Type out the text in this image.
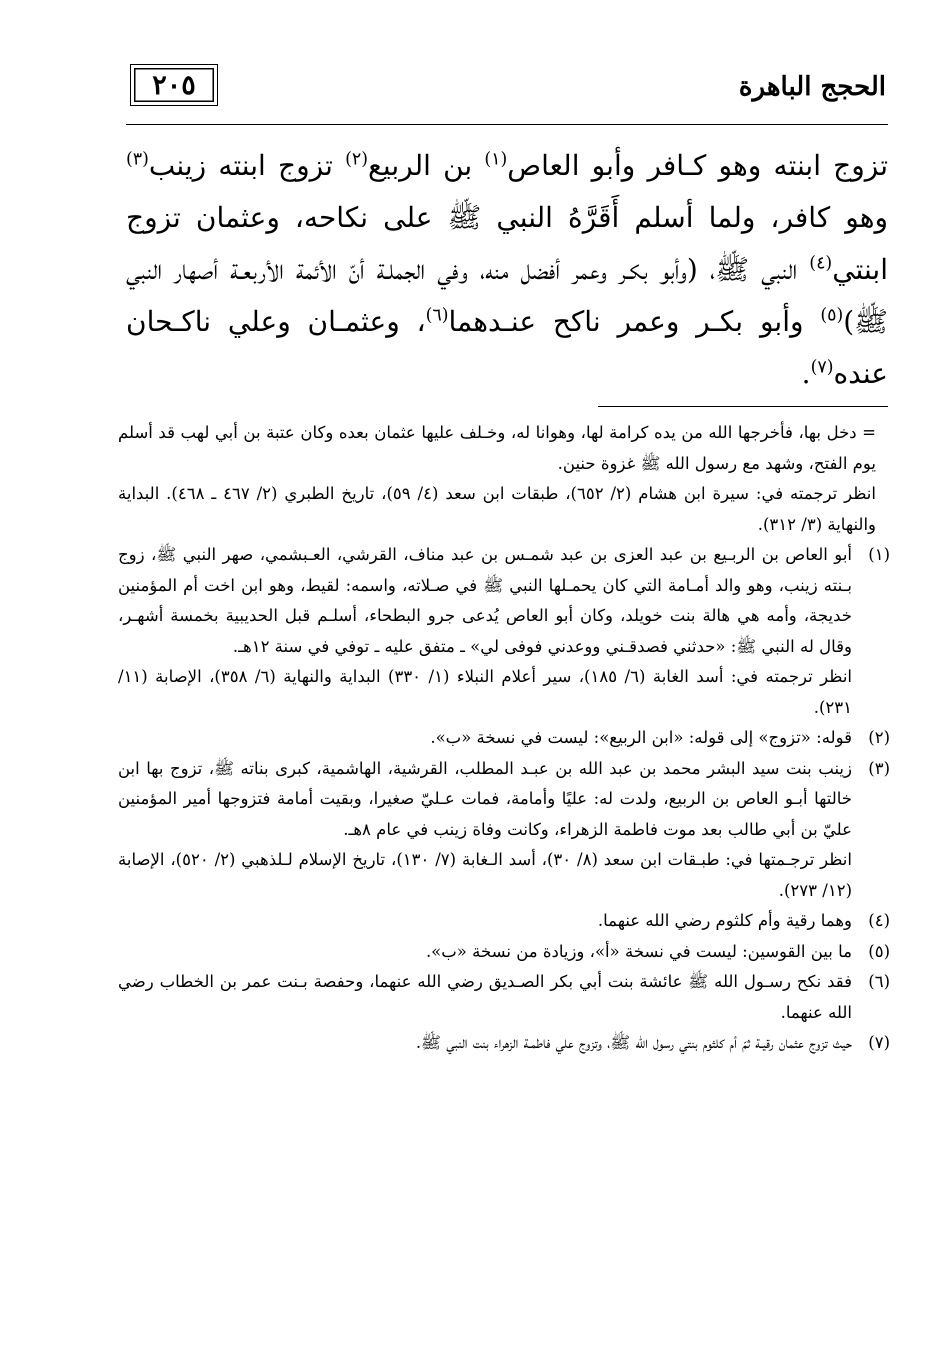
٢٠٥	الحجج الباهرة

تزوج ابنته وهو كـافر وأبو العاص$^{(١)}$ بن الربيع$^{(٢)}$ تزوج ابنته زينب$^{(٣)}$ وهو كافر، ولما أسلم أَقَرَّهُ النبي ﷺ على نكاحه، وعثمان تزوج ابنتي$^{(٤)}$ النبي ﷺ، (وأبو بكـر وعمر أفضل منه، وفي الجملـة أنّ الأئمة الأربعـة أصهار النبي ﷺ)$^{(٥)}$ وأبو بكـر وعمر ناكح عنـدهما$^{(٦)}$، وعثمـان وعلي ناكـحان عنده$^{(٧)}$.

= دخل بها، فأخرجها الله من يده كرامة لها، وهوانا له، وخـلف عليها عثمان بعده وكان عتبة بن أبي لهب قد أسلم يوم الفتح، وشهد مع رسول الله ﷺ غزوة حنين.

انظر ترجمته في: سيرة ابن هشام (٢/ ٦٥٢)، طبقات ابن سعد (٤/ ٥٩)، تاريخ الطبري (٢/ ٤٦٧ ـ ٤٦٨). البداية والنهاية (٣/ ٣١٢).

(١)أبو العاص بن الربـيع بن عبد العزى بن عبد شمـس بن عبد مناف، القرشي، العـبشمي، صهر النبي ﷺ، زوج بـنته زينب، وهو والد أمـامة التي كان يحمـلها النبي ﷺ في صـلاته، واسمه: لقيط، وهو ابن اخت أم المؤمنين خديجة، وأمه هي هالة بنت خويلد، وكان أبو العاص يُدعى جرو البطحاء، أسلـم قبل الحديبية بخمسة أشهـر، وقال له النبي ﷺ: «حدثني فصدقـني ووعدني فوفى لي» ـ متفق عليه ـ توفي في سنة ١٢هـ.

انظر ترجمته في: أسد الغابة (٦/ ١٨٥)، سير أعلام النبلاء (١/ ٣٣٠) البداية والنهاية (٦/ ٣٥٨)، الإصابة (١١/ ٢٣١).

(٢)قوله: «تزوج» إلى قوله: «ابن الربيع»: ليست في نسخة «ب».

(٣)زينب بنت سيد البشر محمد بن عبد الله بن عبـد المطلب، القرشية، الهاشمية، كبرى بناته ﷺ، تزوج بها ابن خالتها أبـو العاص بن الربيع، ولدت له: عليًا وأمامة، فمات عـليّ صغيرا، وبقيت أمامة فتزوجها أمير المؤمنين عليّ بن أبي طالب بعد موت فاطمة الزهراء، وكانت وفاة زينب في عام ٨هـ.

انظر ترجـمتها في: طبـقات ابن سعد (٨/ ٣٠)، أسد الـغابة (٧/ ١٣٠)، تاريخ الإسلام لـلذهبي (٢/ ٥٢٠)، الإصابة (١٢/ ٢٧٣).

(٤)وهما رقية وأم كلثوم رضي الله عنهما.

(٥)ما بين القوسين: ليست في نسخة «أ»، وزيادة من نسخة «ب».

(٦)فقد نكح رسـول الله ﷺ عائشة بنت أبي بكر الصـديق رضي الله عنهما، وحفصة بـنت عمر بن الخطاب رضي الله عنهما.

(٧)حيث تزوج عثمان رقيـة ثمّ أم كلثوم بنتي رسول الله ﷺ، وتزوج علي فاطمـة الزهراء بنت النبي ﷺ.
